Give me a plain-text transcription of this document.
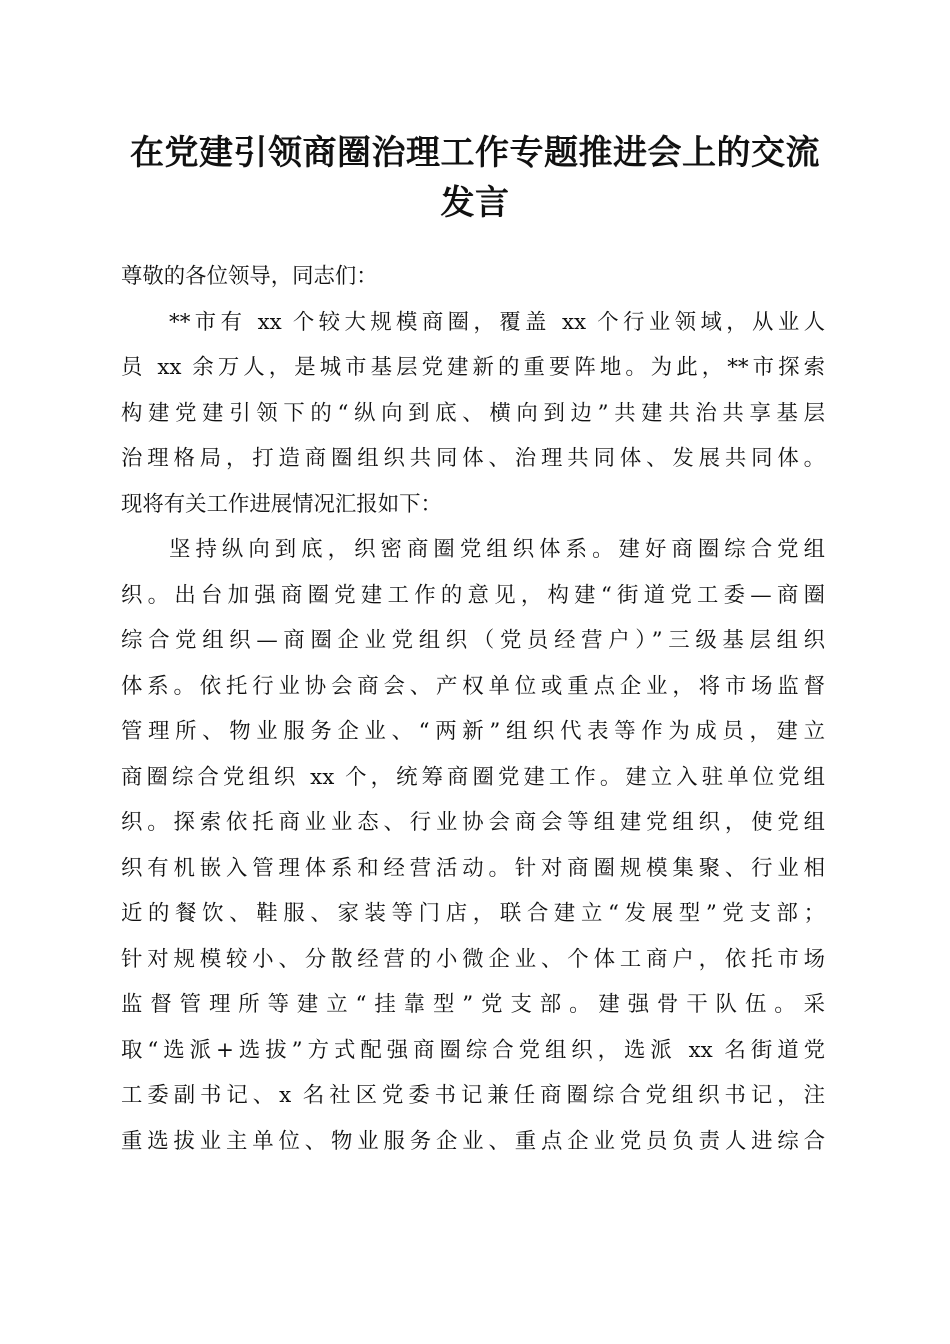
在党建引领商圈治理工作专题推进会上的交流
发言
尊敬的各位领导，同志们：
**市有 xx 个较大规模商圈，覆盖 xx 个行业领域，从业人
员 xx 余万人，是城市基层党建新的重要阵地。为此，**市探索
构建党建引领下的“纵向到底、横向到边”共建共治共享基层
治理格局，打造商圈组织共同体、治理共同体、发展共同体。
现将有关工作进展情况汇报如下：
坚持纵向到底，织密商圈党组织体系。建好商圈综合党组
织。出台加强商圈党建工作的意见，构建“街道党工委—商圈
综合党组织—商圈企业党组织（党员经营户）”三级基层组织
体系。依托行业协会商会、产权单位或重点企业，将市场监督
管理所、物业服务企业、“两新”组织代表等作为成员，建立
商圈综合党组织 xx 个，统筹商圈党建工作。建立入驻单位党组
织。探索依托商业业态、行业协会商会等组建党组织，使党组
织有机嵌入管理体系和经营活动。针对商圈规模集聚、行业相
近的餐饮、鞋服、家装等门店，联合建立“发展型”党支部；
针对规模较小、分散经营的小微企业、个体工商户，依托市场
监督管理所等建立“挂靠型”党支部。建强骨干队伍。采
取“选派+选拔”方式配强商圈综合党组织，选派 xx 名街道党
工委副书记、x 名社区党委书记兼任商圈综合党组织书记，注
重选拔业主单位、物业服务企业、重点企业党员负责人进综合
